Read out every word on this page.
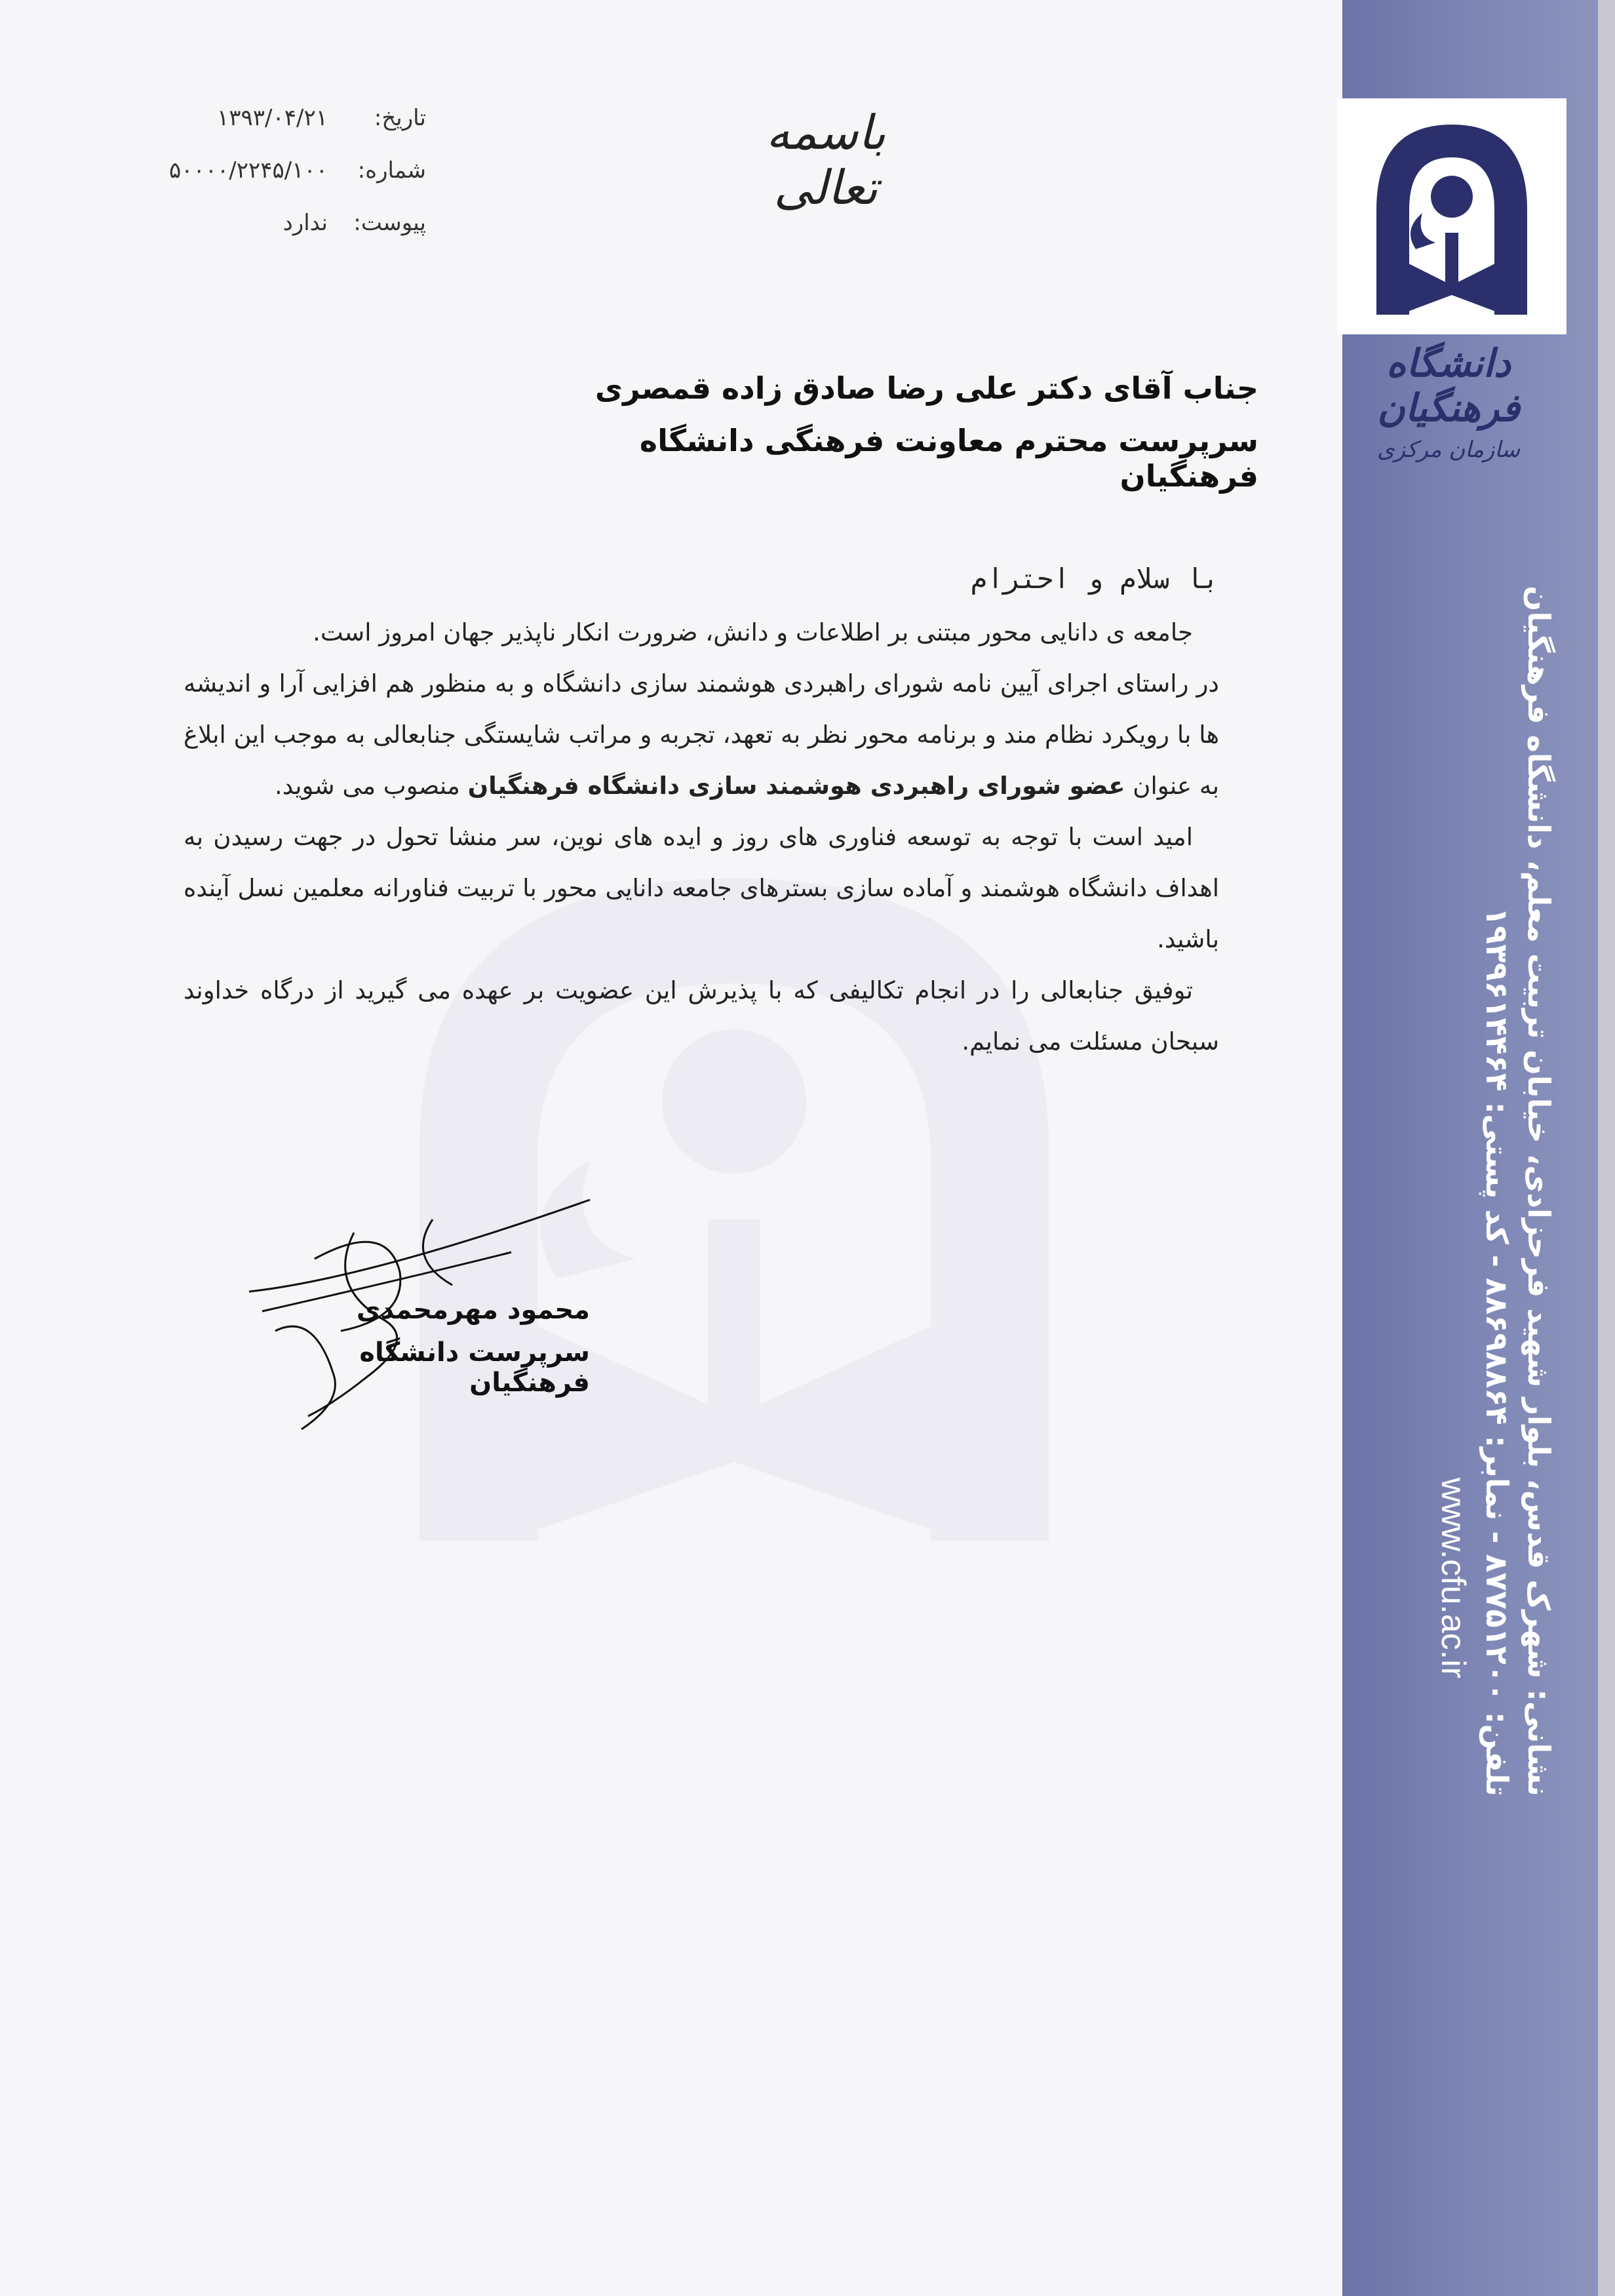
دانشگاه فرهنگیان
سازمان مرکزی
نشانی: شهرک قدس، بلوار شهید فرحزادی، خیابان تربیت معلم، دانشگاه فرهنگیان
تلفن: ۸۷۷۵۱۲۰۰ - نمابر: ۸۸۶۹۸۸۶۴ - کد پستی: ۱۹۳۹۶۱۴۴۶۴
www.cfu.ac.ir
باسمه تعالی
تاریخ:
۱۳۹۳/۰۴/۲۱
شماره:
۵۰۰۰۰/۲۲۴۵/۱۰۰
پیوست:
ندارد
جناب آقای دکتر علی رضا صادق زاده قمصری
سرپرست محترم معاونت فرهنگی دانشگاه فرهنگیان
با سلام و احترام
جامعه ی دانایی محور مبتنی بر اطلاعات و دانش، ضرورت انکار ناپذیر جهان امروز است.
در راستای اجرای آیین نامه شورای راهبردی هوشمند سازی دانشگاه و به منظور هم افزایی آرا و اندیشه ها با رویکرد نظام مند و برنامه محور نظر به تعهد، تجربه و مراتب شایستگی جنابعالی به موجب این ابلاغ به عنوان عضو شورای راهبردی هوشمند سازی دانشگاه فرهنگیان منصوب می شوید.
امید است با توجه به توسعه فناوری های روز و ایده های نوین، سر منشا تحول در جهت رسیدن به اهداف دانشگاه هوشمند و آماده سازی بسترهای جامعه دانایی محور با تربیت فناورانه معلمین نسل آینده باشید.
توفیق جنابعالی را در انجام تکالیفی که با پذیرش این عضویت بر عهده می گیرید از درگاه خداوند سبحان مسئلت می نمایم.
محمود مهرمحمدی
سرپرست دانشگاه فرهنگیان
